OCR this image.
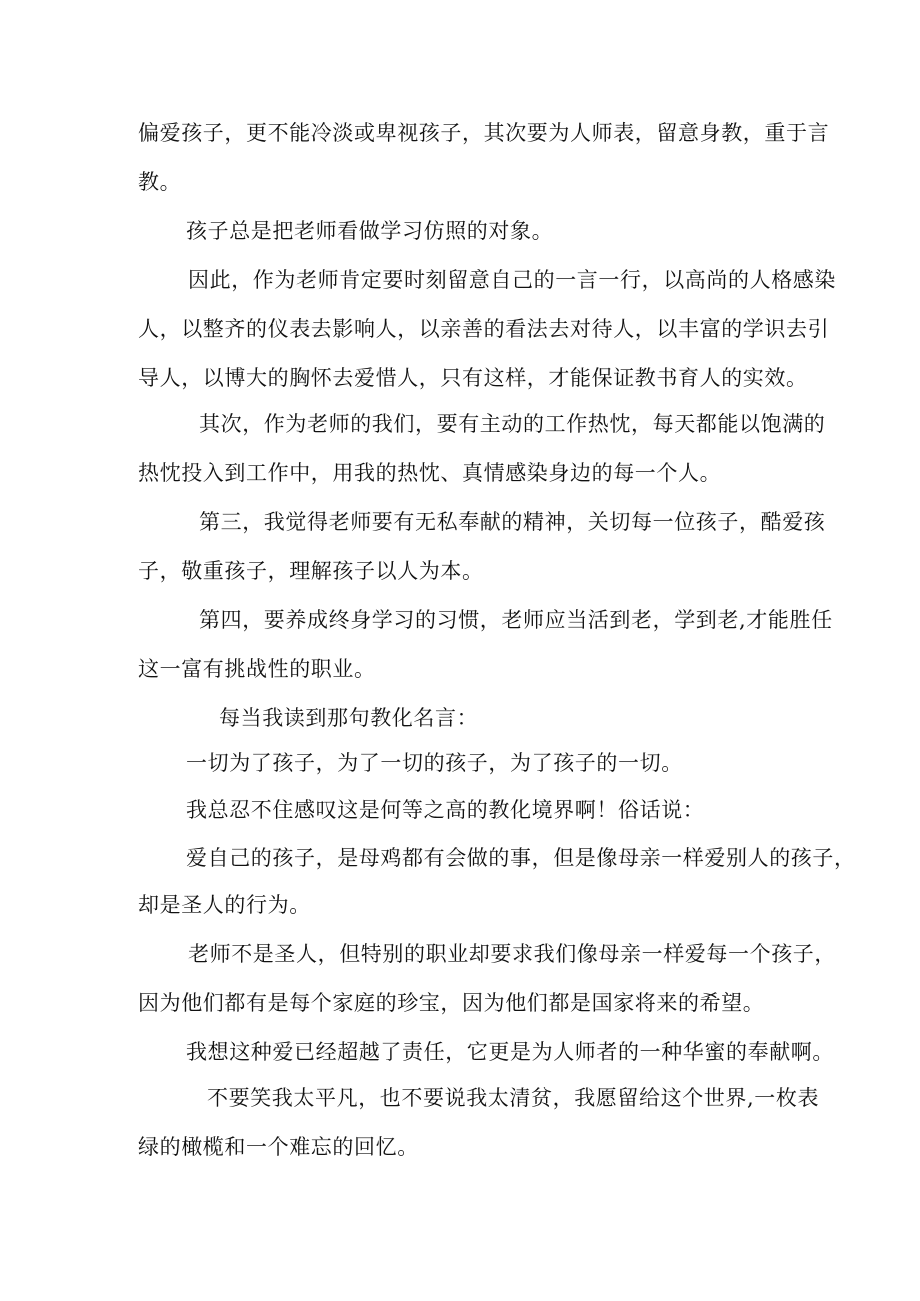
偏爱孩子，更不能冷淡或卑视孩子，其次要为人师表，留意身教，重于言
教。
孩子总是把老师看做学习仿照的对象。
因此，作为老师肯定要时刻留意自己的一言一行，以高尚的人格感染
人，以整齐的仪表去影响人，以亲善的看法去对待人，以丰富的学识去引
导人，以博大的胸怀去爱惜人，只有这样，才能保证教书育人的实效。
其次，作为老师的我们，要有主动的工作热忱，每天都能以饱满的
热忱投入到工作中，用我的热忱、真情感染身边的每一个人。
第三，我觉得老师要有无私奉献的精神，关切每一位孩子，酷爱孩
子，敬重孩子，理解孩子以人为本。
第四，要养成终身学习的习惯，老师应当活到老，学到老,才能胜任
这一富有挑战性的职业。
每当我读到那句教化名言：
一切为了孩子，为了一切的孩子，为了孩子的一切。
我总忍不住感叹这是何等之高的教化境界啊！俗话说：
爱自己的孩子，是母鸡都有会做的事，但是像母亲一样爱别人的孩子，
却是圣人的行为。
老师不是圣人，但特别的职业却要求我们像母亲一样爱每一个孩子，
因为他们都有是每个家庭的珍宝，因为他们都是国家将来的希望。
我想这种爱已经超越了责任，它更是为人师者的一种华蜜的奉献啊。
不要笑我太平凡，也不要说我太清贫，我愿留给这个世界,一枚表
绿的橄榄和一个难忘的回忆。
